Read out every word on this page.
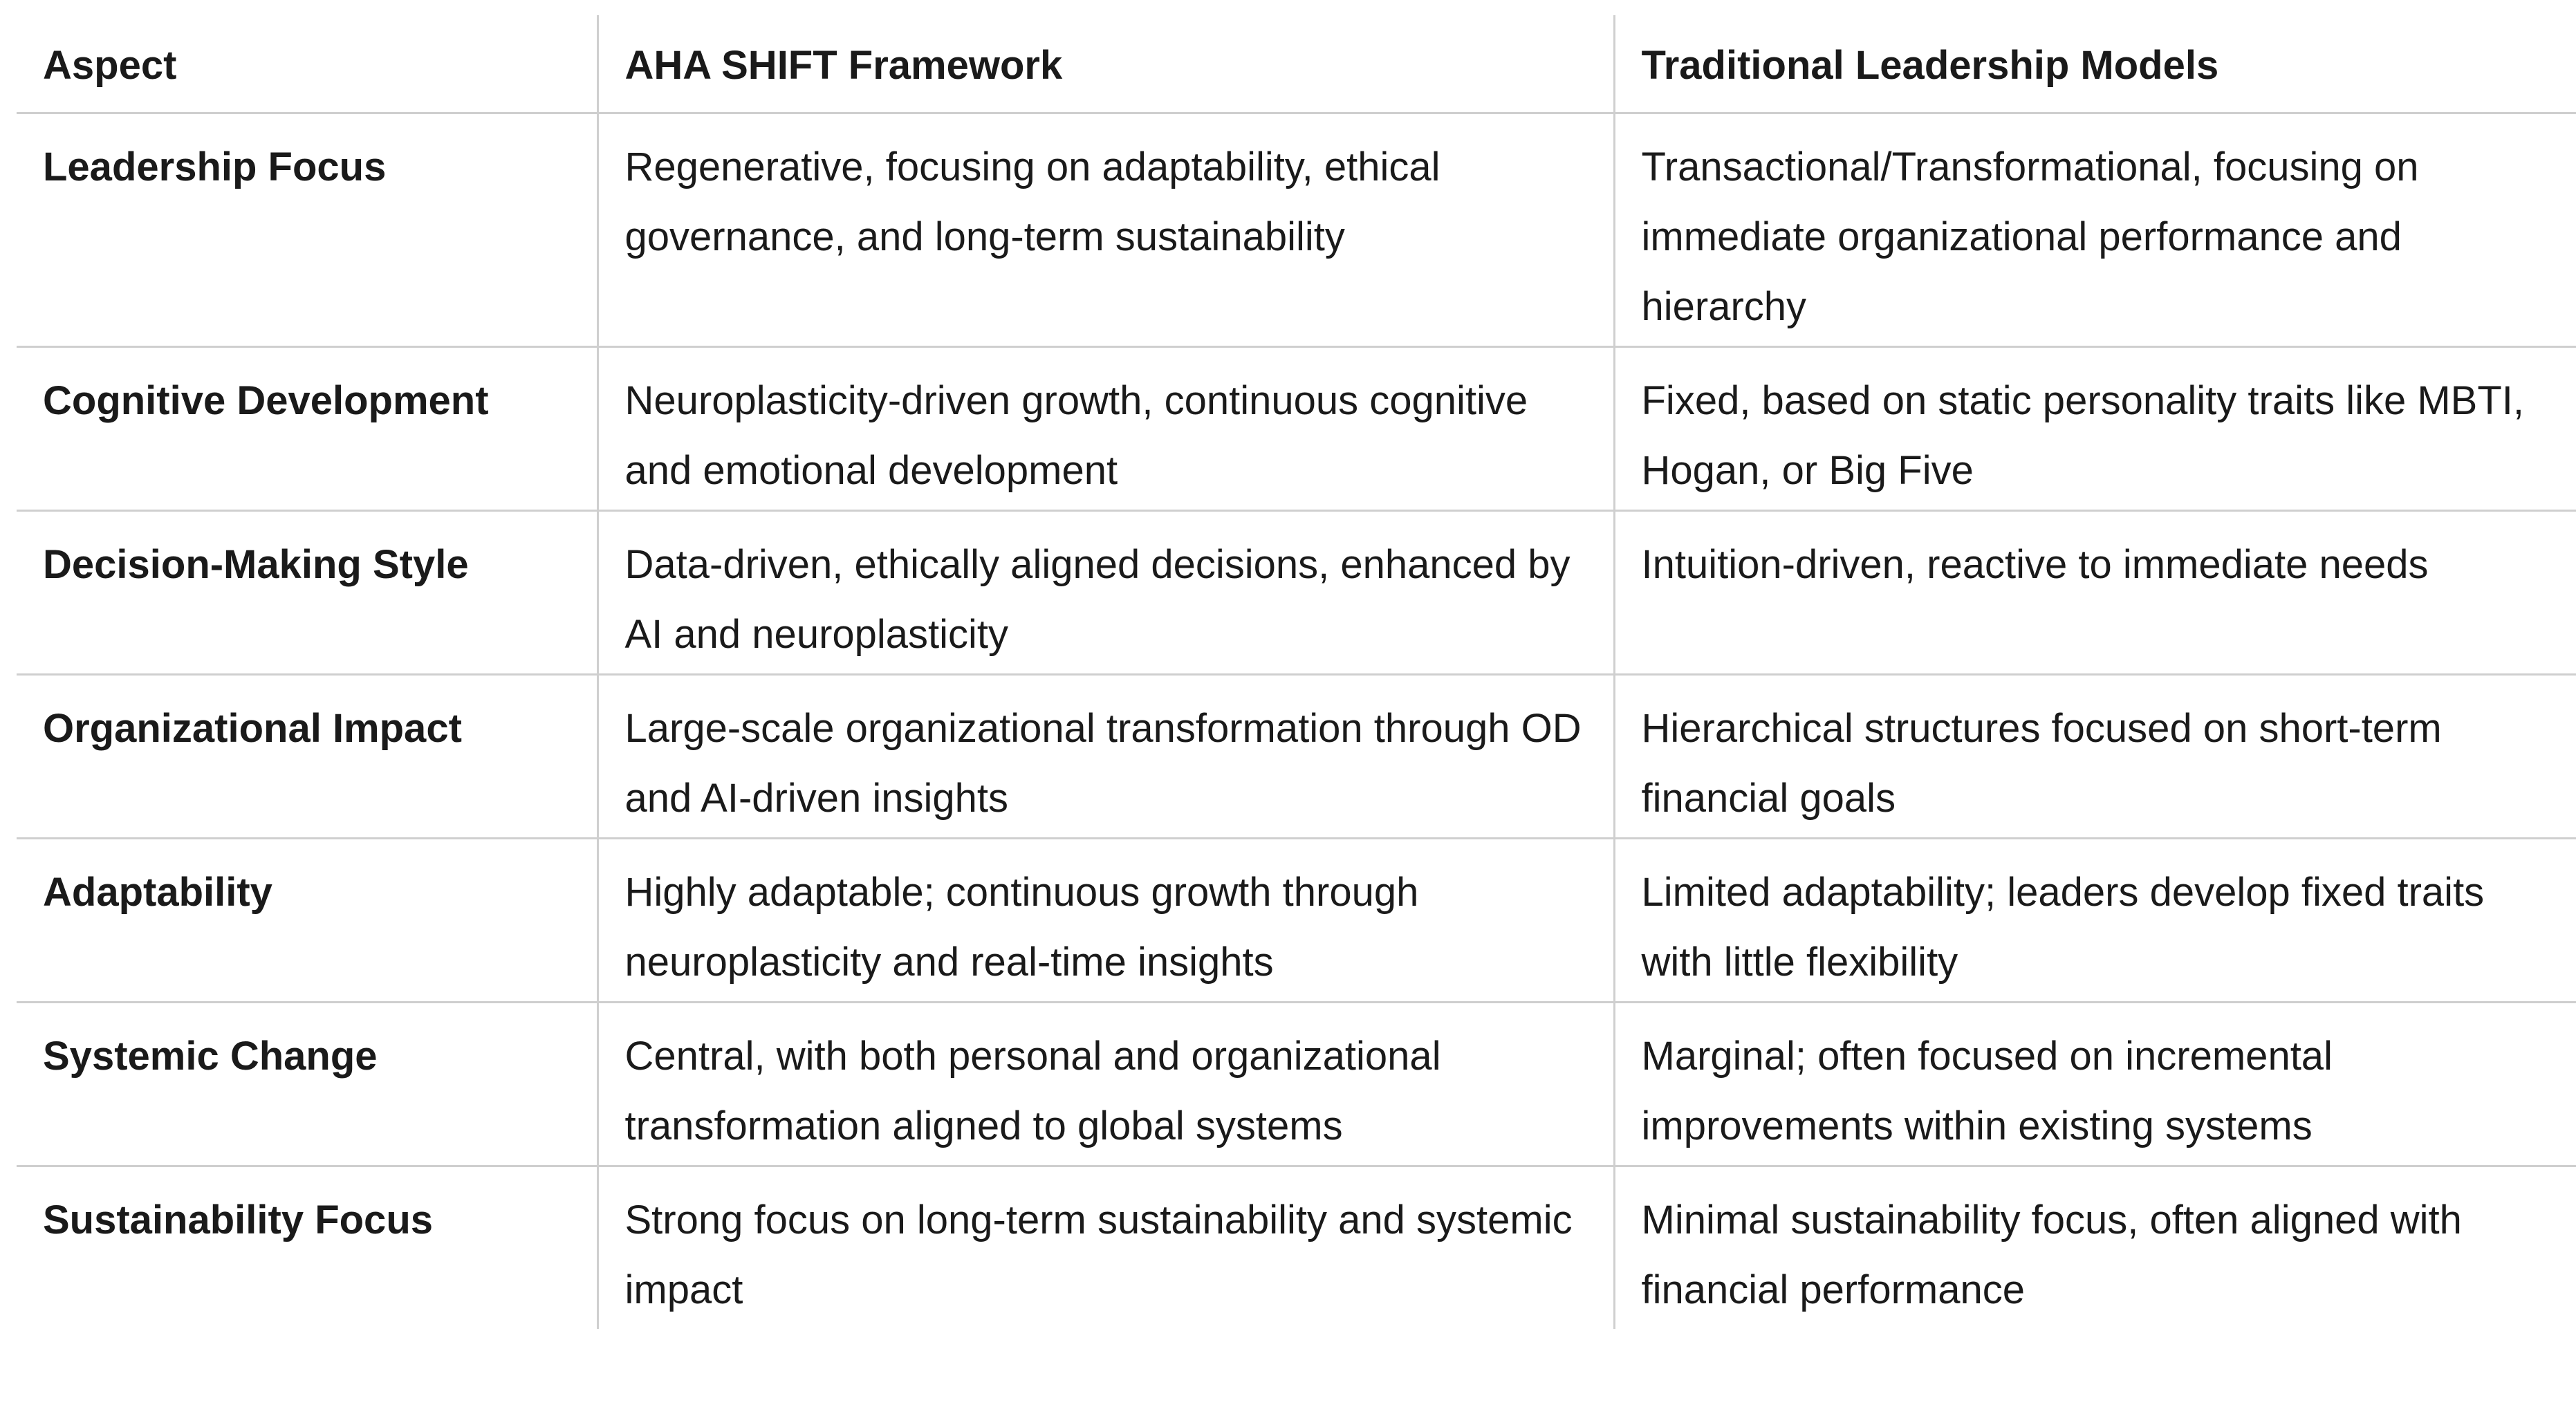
Aspect	AHA SHIFT Framework	Traditional Leadership Models
Leadership Focus	Regenerative, focusing on adaptability, ethical governance, and long-term sustainability	Transactional/Transformational, focusing on immediate organizational performance and hierarchy
Cognitive Development	Neuroplasticity-driven growth, continuous cognitive and emotional development	Fixed, based on static personality traits like MBTI, Hogan, or Big Five
Decision-Making Style	Data-driven, ethically aligned decisions, enhanced by AI and neuroplasticity	Intuition-driven, reactive to immediate needs
Organizational Impact	Large-scale organizational transformation through OD and AI-driven insights	Hierarchical structures focused on short-term financial goals
Adaptability	Highly adaptable; continuous growth through neuroplasticity and real-time insights	Limited adaptability; leaders develop fixed traits with little flexibility
Systemic Change	Central, with both personal and organizational transformation aligned to global systems	Marginal; often focused on incremental improvements within existing systems
Sustainability Focus	Strong focus on long-term sustainability and systemic impact	Minimal sustainability focus, often aligned with financial performance
